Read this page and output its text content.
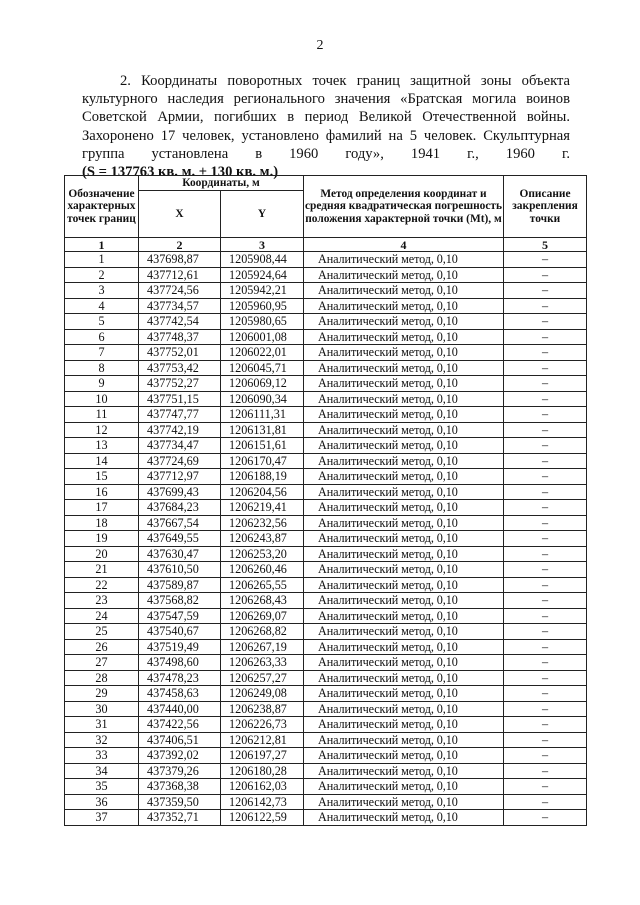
2

2. Координаты поворотных точек границ защитной зоны объекта
культурного наследия регионального значения «Братская могила воинов
Советской Армии, погибших в период Великой Отечественной войны.
Захоронено 17 человек, установлено фамилий на 5 человек. Скульптурная
группа установлена в 1960 году», 1941 г., 1960 г.
(S = 137763 кв. м. ± 130 кв. м.)

Обозначение характерных точек границ	Координаты, м		Метод определения координат и средняя квадратическая погрешность положения характерной точки (Mt), м	Описание закрепления точки
	X	Y		
1	2	3	4	5
1	437698,87	1205908,44	Аналитический метод, 0,10	–
2	437712,61	1205924,64	Аналитический метод, 0,10	–
3	437724,56	1205942,21	Аналитический метод, 0,10	–
4	437734,57	1205960,95	Аналитический метод, 0,10	–
5	437742,54	1205980,65	Аналитический метод, 0,10	–
6	437748,37	1206001,08	Аналитический метод, 0,10	–
7	437752,01	1206022,01	Аналитический метод, 0,10	–
8	437753,42	1206045,71	Аналитический метод, 0,10	–
9	437752,27	1206069,12	Аналитический метод, 0,10	–
10	437751,15	1206090,34	Аналитический метод, 0,10	–
11	437747,77	1206111,31	Аналитический метод, 0,10	–
12	437742,19	1206131,81	Аналитический метод, 0,10	–
13	437734,47	1206151,61	Аналитический метод, 0,10	–
14	437724,69	1206170,47	Аналитический метод, 0,10	–
15	437712,97	1206188,19	Аналитический метод, 0,10	–
16	437699,43	1206204,56	Аналитический метод, 0,10	–
17	437684,23	1206219,41	Аналитический метод, 0,10	–
18	437667,54	1206232,56	Аналитический метод, 0,10	–
19	437649,55	1206243,87	Аналитический метод, 0,10	–
20	437630,47	1206253,20	Аналитический метод, 0,10	–
21	437610,50	1206260,46	Аналитический метод, 0,10	–
22	437589,87	1206265,55	Аналитический метод, 0,10	–
23	437568,82	1206268,43	Аналитический метод, 0,10	–
24	437547,59	1206269,07	Аналитический метод, 0,10	–
25	437540,67	1206268,82	Аналитический метод, 0,10	–
26	437519,49	1206267,19	Аналитический метод, 0,10	–
27	437498,60	1206263,33	Аналитический метод, 0,10	–
28	437478,23	1206257,27	Аналитический метод, 0,10	–
29	437458,63	1206249,08	Аналитический метод, 0,10	–
30	437440,00	1206238,87	Аналитический метод, 0,10	–
31	437422,56	1206226,73	Аналитический метод, 0,10	–
32	437406,51	1206212,81	Аналитический метод, 0,10	–
33	437392,02	1206197,27	Аналитический метод, 0,10	–
34	437379,26	1206180,28	Аналитический метод, 0,10	–
35	437368,38	1206162,03	Аналитический метод, 0,10	–
36	437359,50	1206142,73	Аналитический метод, 0,10	–
37	437352,71	1206122,59	Аналитический метод, 0,10	–
